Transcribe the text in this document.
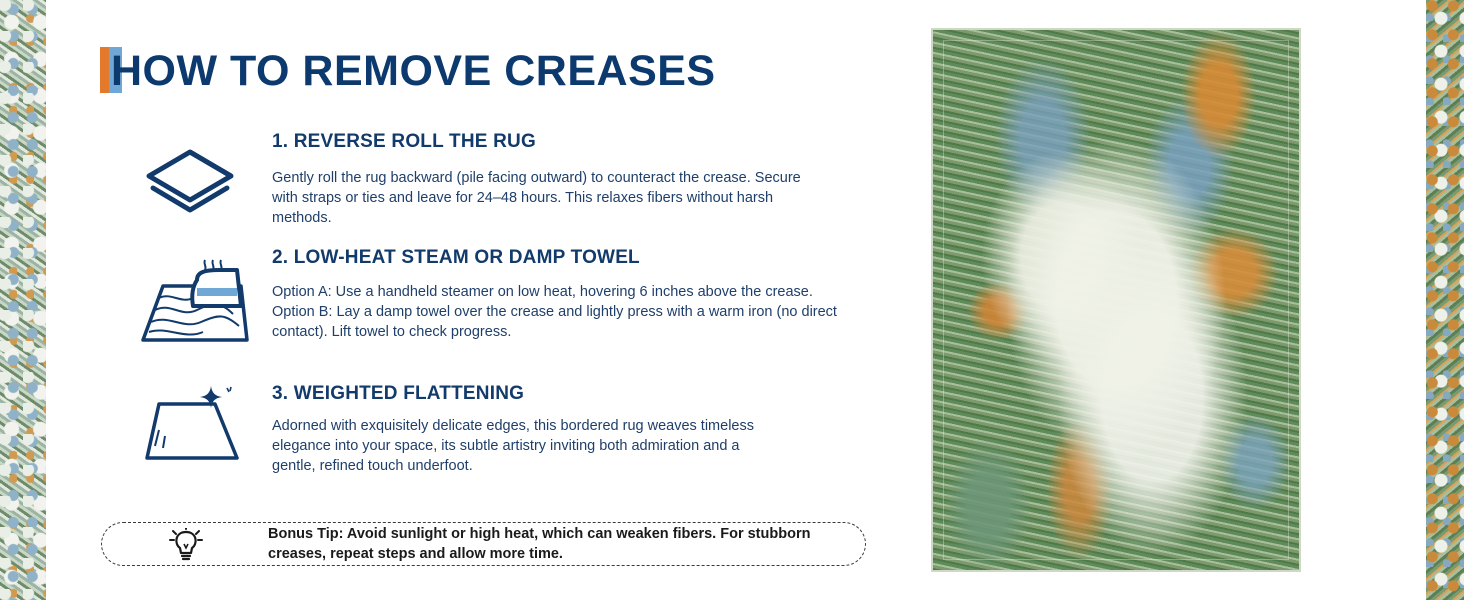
HOW TO REMOVE CREASES
1. REVERSE ROLL THE RUG

Gently roll the rug backward (pile facing outward) to counteract the crease. Secure with straps or ties and leave for 24–48 hours. This relaxes fibers without harsh methods.

2. LOW-HEAT STEAM OR DAMP TOWEL

Option A: Use a handheld steamer on low heat, hovering 6 inches above the crease.

Option B: Lay a damp towel over the crease and lightly press with a warm iron (no direct contact). Lift towel to check progress.

3. WEIGHTED FLATTENING

Adorned with exquisitely delicate edges, this bordered rug weaves timeless elegance into your space, its subtle artistry inviting both admiration and a gentle, refined touch underfoot.

Bonus Tip: Avoid sunlight or high heat, which can weaken fibers. For stubborn creases, repeat steps and allow more time.
